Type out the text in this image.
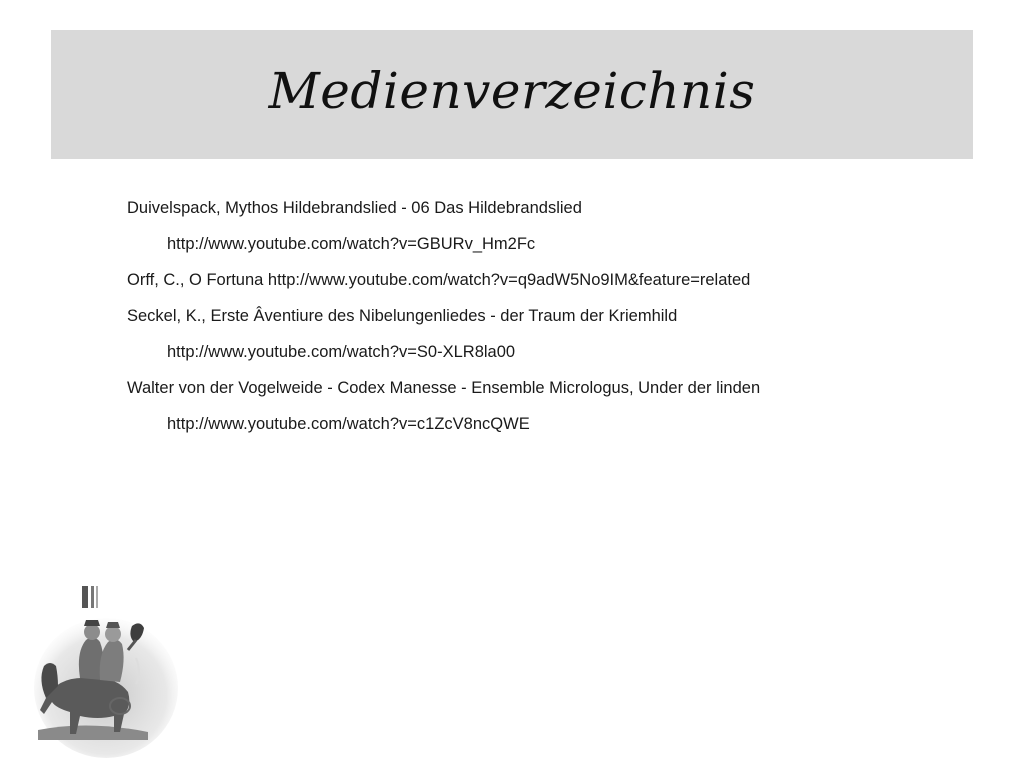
Medienverzeichnis
Duivelspack, Mythos Hildebrandslied - 06 Das Hildebrandslied
http://www.youtube.com/watch?v=GBURv_Hm2Fc
Orff, C., O Fortuna http://www.youtube.com/watch?v=q9adW5No9IM&feature=related
Seckel, K., Erste Âventiure des Nibelungenliedes - der Traum der Kriemhild
http://www.youtube.com/watch?v=S0-XLR8la00
Walter von der Vogelweide - Codex Manesse - Ensemble Micrologus, Under der linden
http://www.youtube.com/watch?v=c1ZcV8ncQWE
